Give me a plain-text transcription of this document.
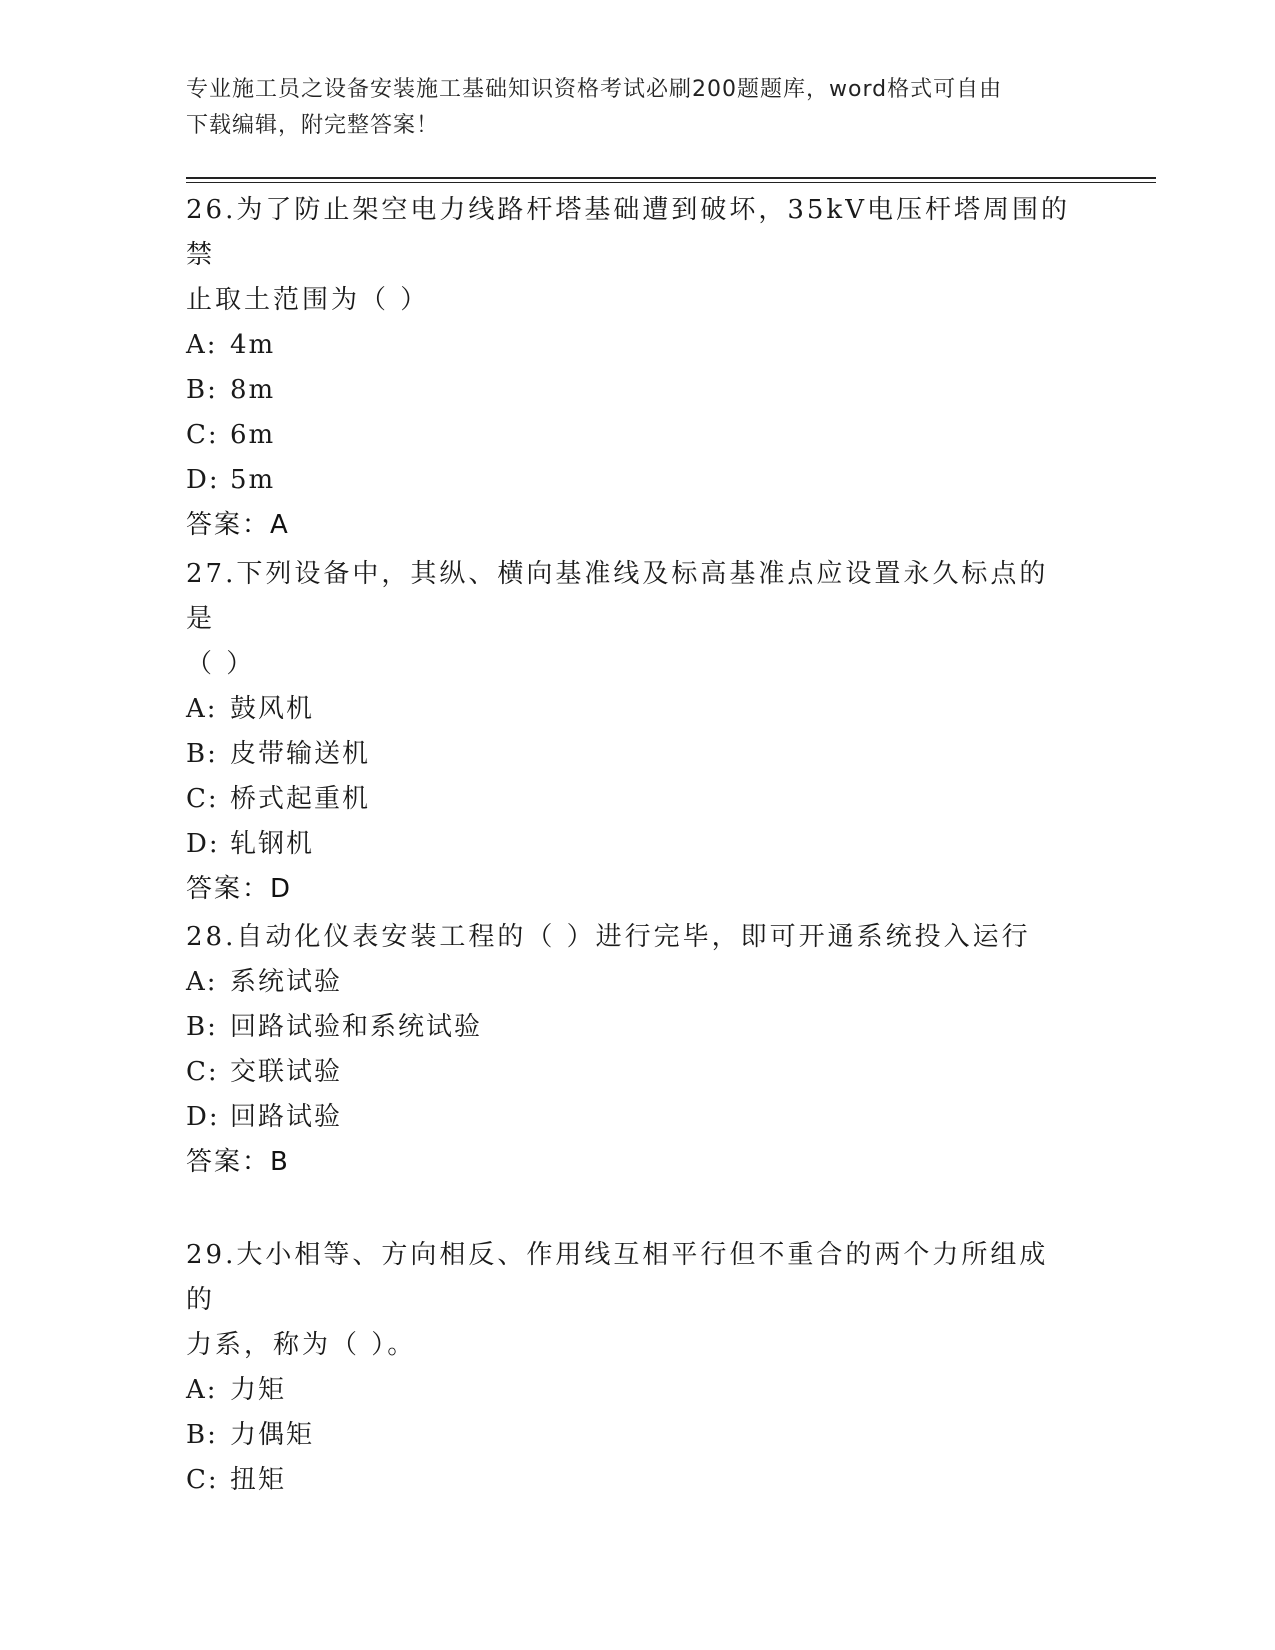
专业施工员之设备安装施工基础知识资格考试必刷200题题库，word格式可自由
下载编辑，附完整答案！

26.为了防止架空电力线路杆塔基础遭到破坏，35kV电压杆塔周围的禁
止取土范围为（ ）

A: 4m
B: 8m
C: 6m
D: 5m
答案：A

27.下列设备中，其纵、横向基准线及标高基准点应设置永久标点的是
（ ）

A: 鼓风机
B: 皮带输送机
C: 桥式起重机
D: 轧钢机
答案：D

28.自动化仪表安装工程的（ ）进行完毕，即可开通系统投入运行

A: 系统试验
B: 回路试验和系统试验
C: 交联试验
D: 回路试验
答案：B

29.大小相等、方向相反、作用线互相平行但不重合的两个力所组成的
力系，称为（ ）。

A: 力矩
B: 力偶矩
C: 扭矩
